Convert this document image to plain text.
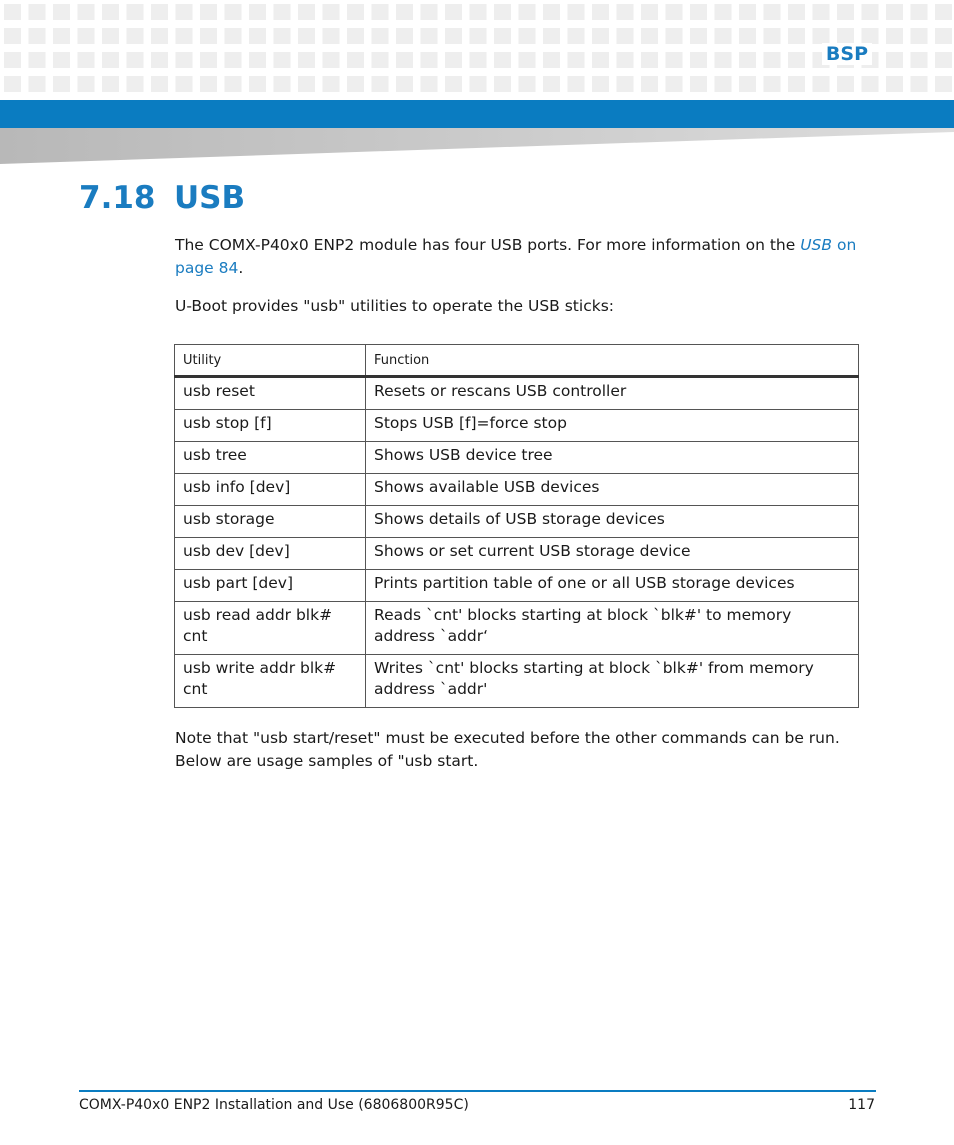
BSP
7.18 USB
The COMX-P40x0 ENP2 module has four USB ports. For more information on the USB on page 84.
U-Boot provides "usb" utilities to operate the USB sticks:
Utility	Function
usb reset	Resets or rescans USB controller
usb stop [f]	Stops USB [f]=force stop
usb tree	Shows USB device tree
usb info [dev]	Shows available USB devices
usb storage	Shows details of USB storage devices
usb dev [dev]	Shows or set current USB storage device
usb part [dev]	Prints partition table of one or all USB storage devices
usb read addr blk# cnt	Reads `cnt' blocks starting at block `blk#' to memory address `addr‘
usb write addr blk# cnt	Writes `cnt' blocks starting at block `blk#' from memory address `addr'
Note that "usb start/reset" must be executed before the other commands can be run. Below are usage samples of "usb start.
COMX-P40x0 ENP2 Installation and Use (6806800R95C)	117
